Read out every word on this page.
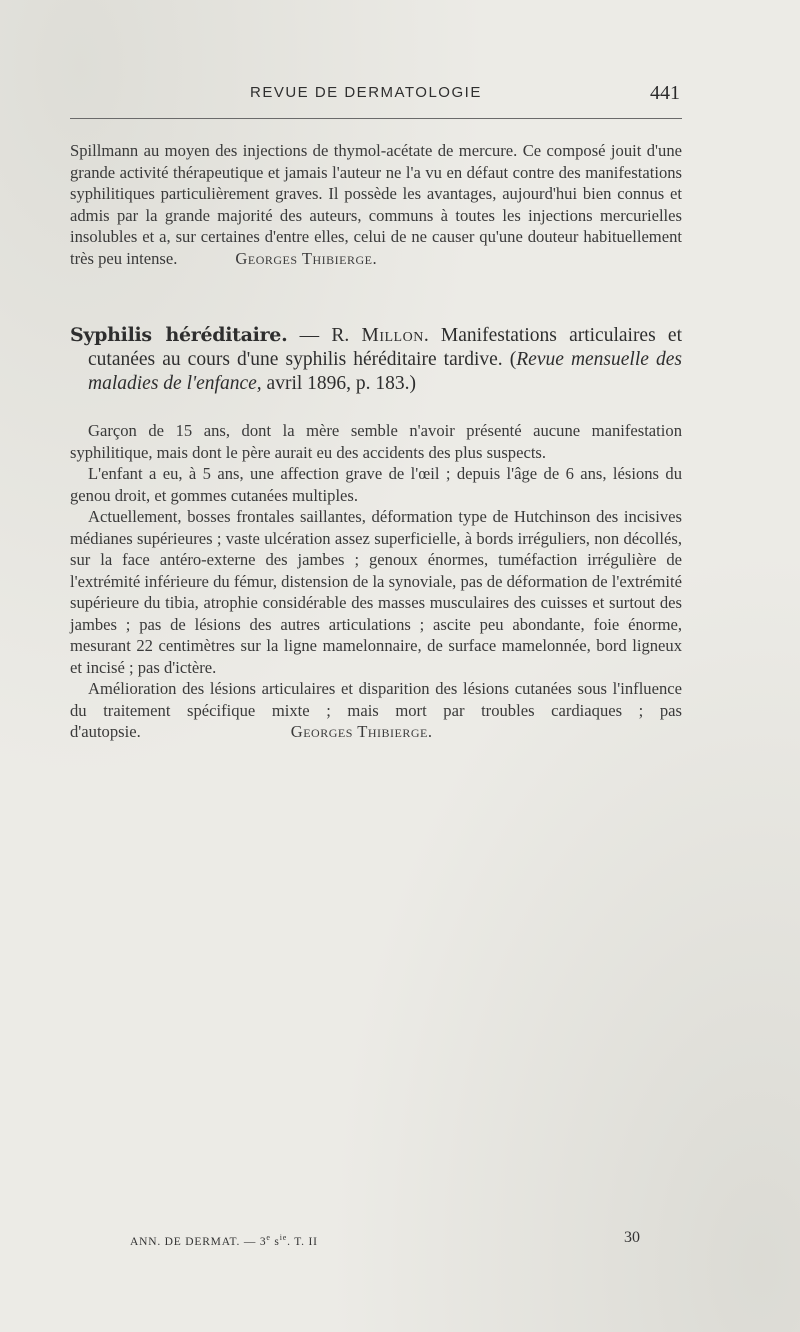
REVUE DE DERMATOLOGIE	441

Spillmann au moyen des injections de thymol-acétate de mercure. Ce composé jouit d'une grande activité thérapeutique et jamais l'auteur ne l'a vu en défaut contre des manifestations syphilitiques particulièrement graves. Il possède les avantages, aujourd'hui bien connus et admis par la grande majorité des auteurs, communs à toutes les injections mercurielles insolubles et a, sur certaines d'entre elles, celui de ne causer qu'une douteur habituellement très peu intense.	Georges Thibierge.

Syphilis héréditaire. — R. Millon. Manifestations articulaires et cutanées au cours d'une syphilis héréditaire tardive. (Revue mensuelle des maladies de l'enfance, avril 1896, p. 183.)

Garçon de 15 ans, dont la mère semble n'avoir présenté aucune manifestation syphilitique, mais dont le père aurait eu des accidents des plus suspects.

L'enfant a eu, à 5 ans, une affection grave de l'œil ; depuis l'âge de 6 ans, lésions du genou droit, et gommes cutanées multiples.

Actuellement, bosses frontales saillantes, déformation type de Hutchinson des incisives médianes supérieures ; vaste ulcération assez superficielle, à bords irréguliers, non décollés, sur la face antéro-externe des jambes ; genoux énormes, tuméfaction irrégulière de l'extrémité inférieure du fémur, distension de la synoviale, pas de déformation de l'extrémité supérieure du tibia, atrophie considérable des masses musculaires des cuisses et surtout des jambes ; pas de lésions des autres articulations ; ascite peu abondante, foie énorme, mesurant 22 centimètres sur la ligne mamelonnaire, de surface mamelonnée, bord ligneux et incisé ; pas d'ictère.

Amélioration des lésions articulaires et disparition des lésions cutanées sous l'influence du traitement spécifique mixte ; mais mort par troubles cardiaques ; pas d'autopsie.	Georges Thibierge.

ANN. DE DERMAT. — 3e $s^{ie}$. T. II	30
